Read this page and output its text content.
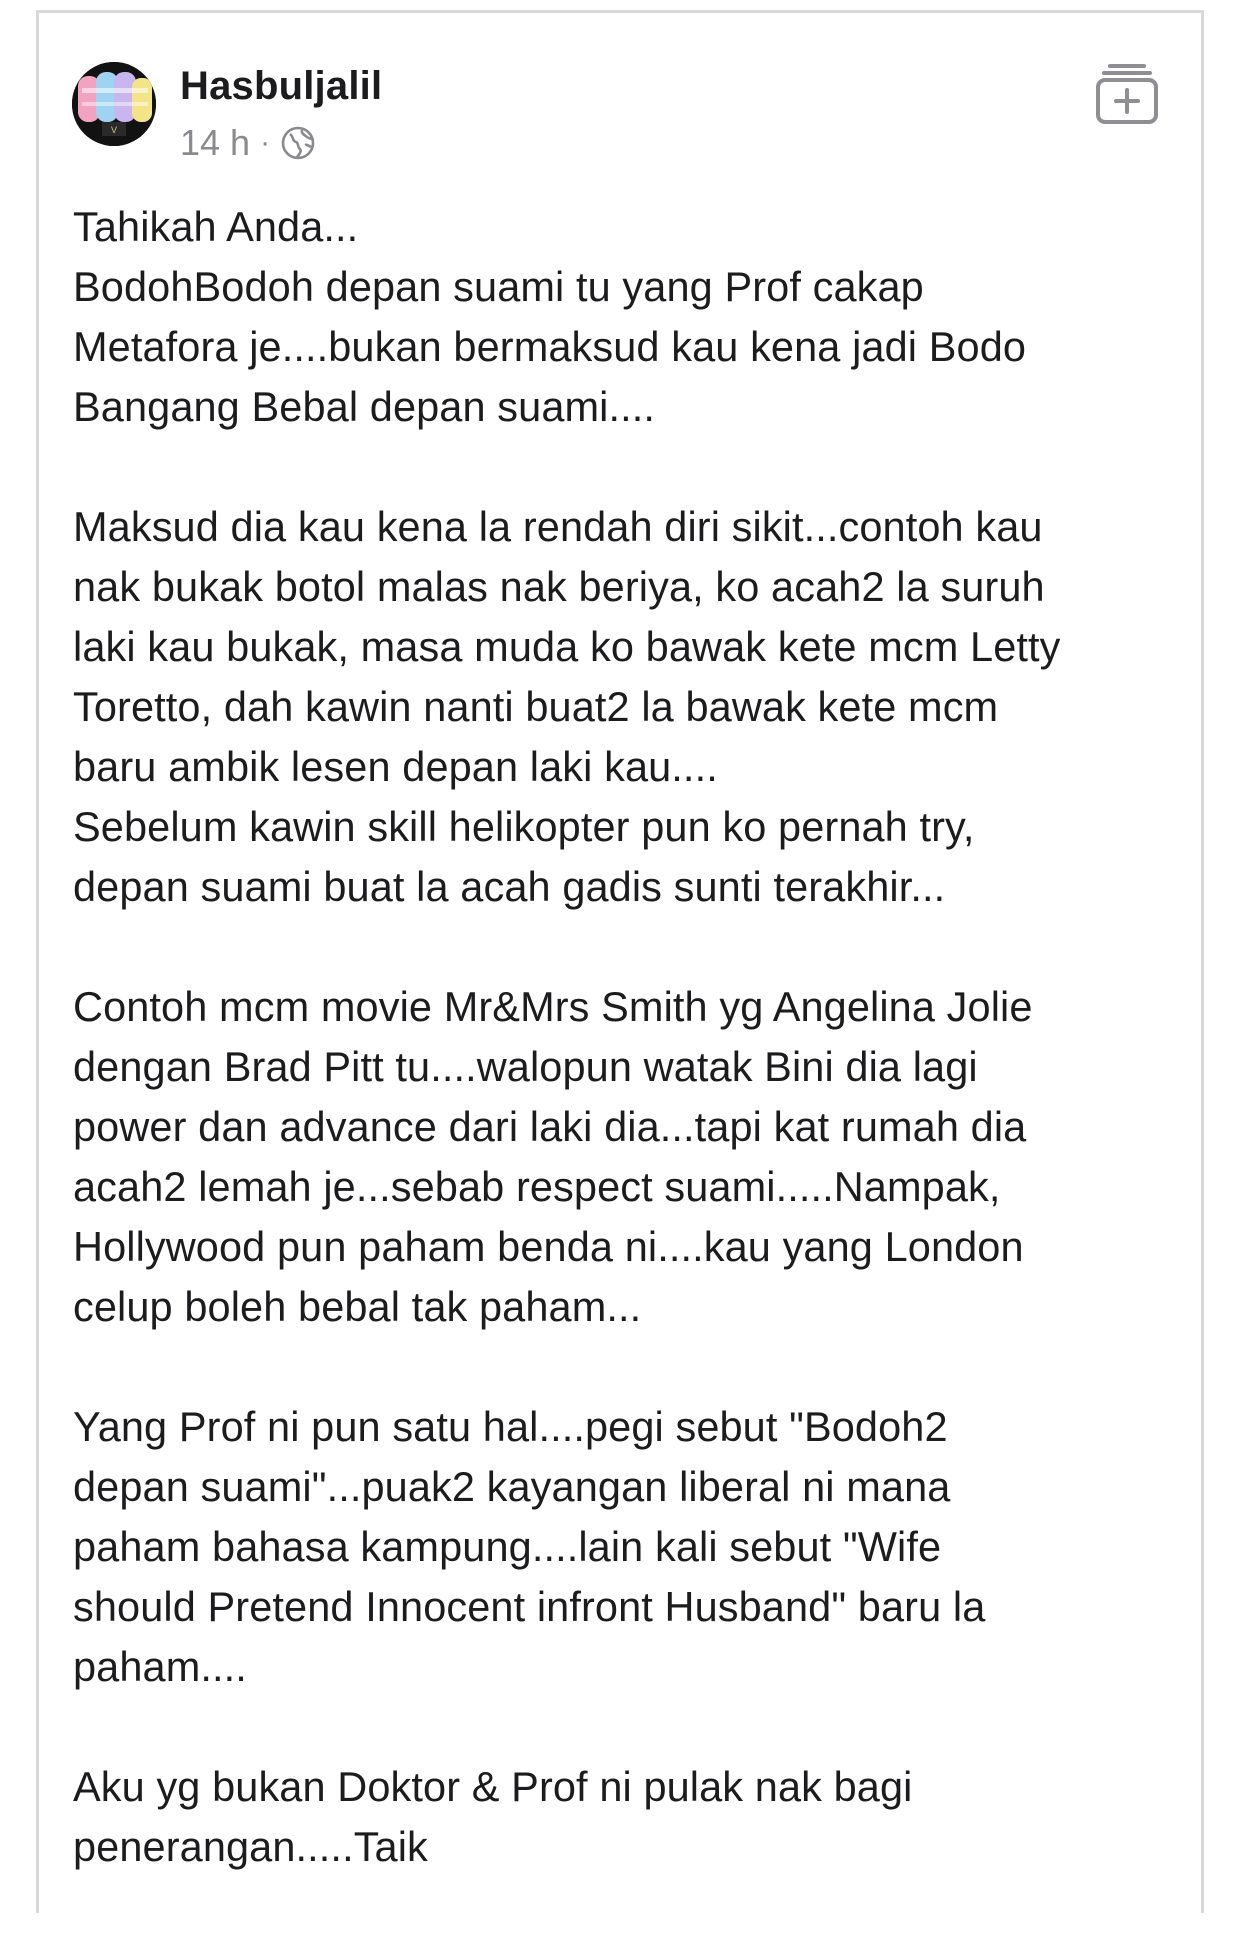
V
Hasbuljalil
14 h ·
Tahikah Anda...
BodohBodoh depan suami tu yang Prof cakap
Metafora je....bukan bermaksud kau kena jadi Bodo
Bangang Bebal depan suami....
Maksud dia kau kena la rendah diri sikit...contoh kau
nak bukak botol malas nak beriya, ko acah2 la suruh
laki kau bukak, masa muda ko bawak kete mcm Letty
Toretto, dah kawin nanti buat2 la bawak kete mcm
baru ambik lesen depan laki kau....
Sebelum kawin skill helikopter pun ko pernah try,
depan suami buat la acah gadis sunti terakhir...
Contoh mcm movie Mr&Mrs Smith yg Angelina Jolie
dengan Brad Pitt tu....walopun watak Bini dia lagi
power dan advance dari laki dia...tapi kat rumah dia
acah2 lemah je...sebab respect suami.....Nampak,
Hollywood pun paham benda ni....kau yang London
celup boleh bebal tak paham...
Yang Prof ni pun satu hal....pegi sebut "Bodoh2
depan suami"...puak2 kayangan liberal ni mana
paham bahasa kampung....lain kali sebut "Wife
should Pretend Innocent infront Husband" baru la
paham....
Aku yg bukan Doktor & Prof ni pulak nak bagi
penerangan.....Taik
